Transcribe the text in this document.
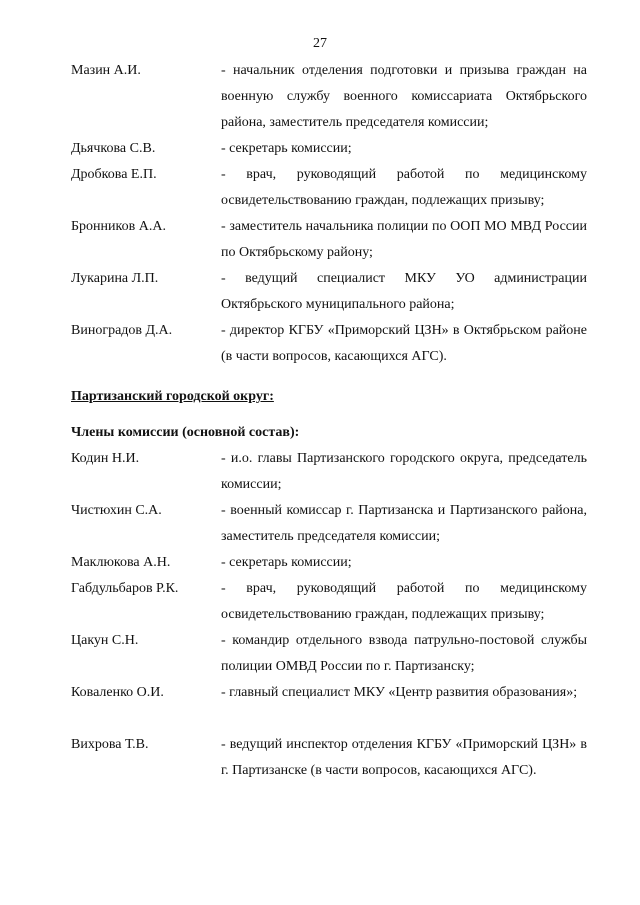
27
Мазин А.И.	- начальник отделения подготовки и призыва граждан на военную службу военного комиссариата Октябрьского района, заместитель председателя комиссии;
Дьячкова С.В.	- секретарь комиссии;
Дробкова Е.П.	- врач, руководящий работой по медицинскому освидетельствованию граждан, подлежащих призыву;
Бронников А.А.	- заместитель начальника полиции по ООП МО МВД России по Октябрьскому району;
Лукарина Л.П.	- ведущий специалист МКУ УО администрации Октябрьского муниципального района;
Виноградов Д.А.	- директор КГБУ «Приморский ЦЗН» в Октябрьском районе (в части вопросов, касающихся АГС).
Партизанский городской округ:
Члены комиссии (основной состав):
Кодин Н.И.	- и.о. главы Партизанского городского округа, председатель комиссии;
Чистюхин С.А.	- военный комиссар г. Партизанска и Партизанского района, заместитель председателя комиссии;
Маклюкова А.Н.	- секретарь комиссии;
Габдульбаров Р.К.	- врач, руководящий работой по медицинскому освидетельствованию граждан, подлежащих призыву;
Цакун С.Н.	- командир отдельного взвода патрульно-постовой службы полиции ОМВД России по г. Партизанску;
Коваленко О.И.	- главный специалист МКУ «Центр развития образования»;
Вихрова Т.В.	- ведущий инспектор отделения КГБУ «Приморский ЦЗН» в г. Партизанске (в части вопросов, касающихся АГС).
